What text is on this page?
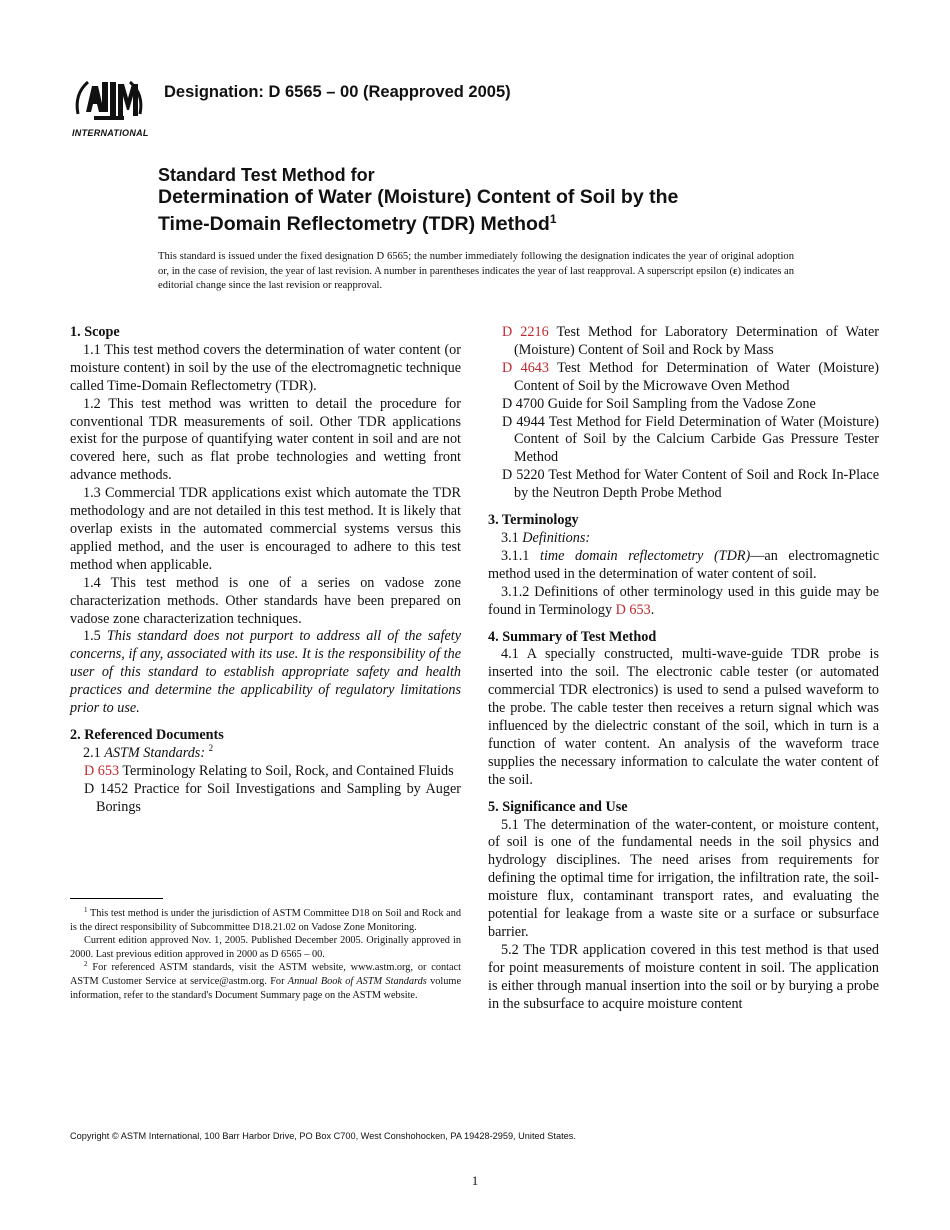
INTERNATIONAL
Designation: D 6565 – 00 (Reapproved 2005)
Standard Test Method for
Determination of Water (Moisture) Content of Soil by the
Time-Domain Reflectometry (TDR) Method$^1$
This standard is issued under the fixed designation D 6565; the number immediately following the designation indicates the year of original adoption or, in the case of revision, the year of last revision. A number in parentheses indicates the year of last reapproval. A superscript epsilon (ε) indicates an editorial change since the last revision or reapproval.
1. Scope

1.1 This test method covers the determination of water content (or moisture content) in soil by the use of the electromagnetic technique called Time-Domain Reflectometry (TDR).

1.2 This test method was written to detail the procedure for conventional TDR measurements of soil. Other TDR applications exist for the purpose of quantifying water content in soil and are not covered here, such as flat probe technologies and wetting front advance methods.

1.3 Commercial TDR applications exist which automate the TDR methodology and are not detailed in this test method. It is likely that overlap exists in the automated commercial systems versus this applied method, and the user is encouraged to adhere to this test method when applicable.

1.4 This test method is one of a series on vadose zone characterization methods. Other standards have been prepared on vadose zone characterization techniques.

1.5 This standard does not purport to address all of the safety concerns, if any, associated with its use. It is the responsibility of the user of this standard to establish appropriate safety and health practices and determine the applicability of regulatory limitations prior to use.

2. Referenced Documents

2.1 ASTM Standards: $^2$

D 653 Terminology Relating to Soil, Rock, and Contained Fluids
D 1452 Practice for Soil Investigations and Sampling by Auger Borings

$^1$ This test method is under the jurisdiction of ASTM Committee D18 on Soil and Rock and is the direct responsibility of Subcommittee D18.21.02 on Vadose Zone Monitoring.

Current edition approved Nov. 1, 2005. Published December 2005. Originally approved in 2000. Last previous edition approved in 2000 as D 6565 – 00.

$^2$ For referenced ASTM standards, visit the ASTM website, www.astm.org, or contact ASTM Customer Service at service@astm.org. For Annual Book of ASTM Standards volume information, refer to the standard's Document Summary page on the ASTM website.

D 2216 Test Method for Laboratory Determination of Water (Moisture) Content of Soil and Rock by Mass
D 4643 Test Method for Determination of Water (Moisture) Content of Soil by the Microwave Oven Method
D 4700 Guide for Soil Sampling from the Vadose Zone
D 4944 Test Method for Field Determination of Water (Moisture) Content of Soil by the Calcium Carbide Gas Pressure Tester Method
D 5220 Test Method for Water Content of Soil and Rock In-Place by the Neutron Depth Probe Method
3. Terminology

3.1 Definitions:

3.1.1 time domain reflectometry (TDR)—an electromagnetic method used in the determination of water content of soil.

3.1.2 Definitions of other terminology used in this guide may be found in Terminology D 653.

4. Summary of Test Method

4.1 A specially constructed, multi-wave-guide TDR probe is inserted into the soil. The electronic cable tester (or automated commercial TDR electronics) is used to send a pulsed waveform to the probe. The cable tester then receives a return signal which was influenced by the dielectric constant of the soil, which in turn is a function of water content. An analysis of the waveform trace supplies the necessary information to calculate the water content of the soil.

5. Significance and Use

5.1 The determination of the water-content, or moisture content, of soil is one of the fundamental needs in the soil physics and hydrology disciplines. The need arises from requirements for defining the optimal time for irrigation, the infiltration rate, the soil-moisture flux, contaminant transport rates, and evaluating the potential for leakage from a waste site or a surface or subsurface barrier.

5.2 The TDR application covered in this test method is that used for point measurements of moisture content in soil. The application is either through manual insertion into the soil or by burying a probe in the subsurface to acquire moisture content

Copyright © ASTM International, 100 Barr Harbor Drive, PO Box C700, West Conshohocken, PA 19428-2959, United States.
1
